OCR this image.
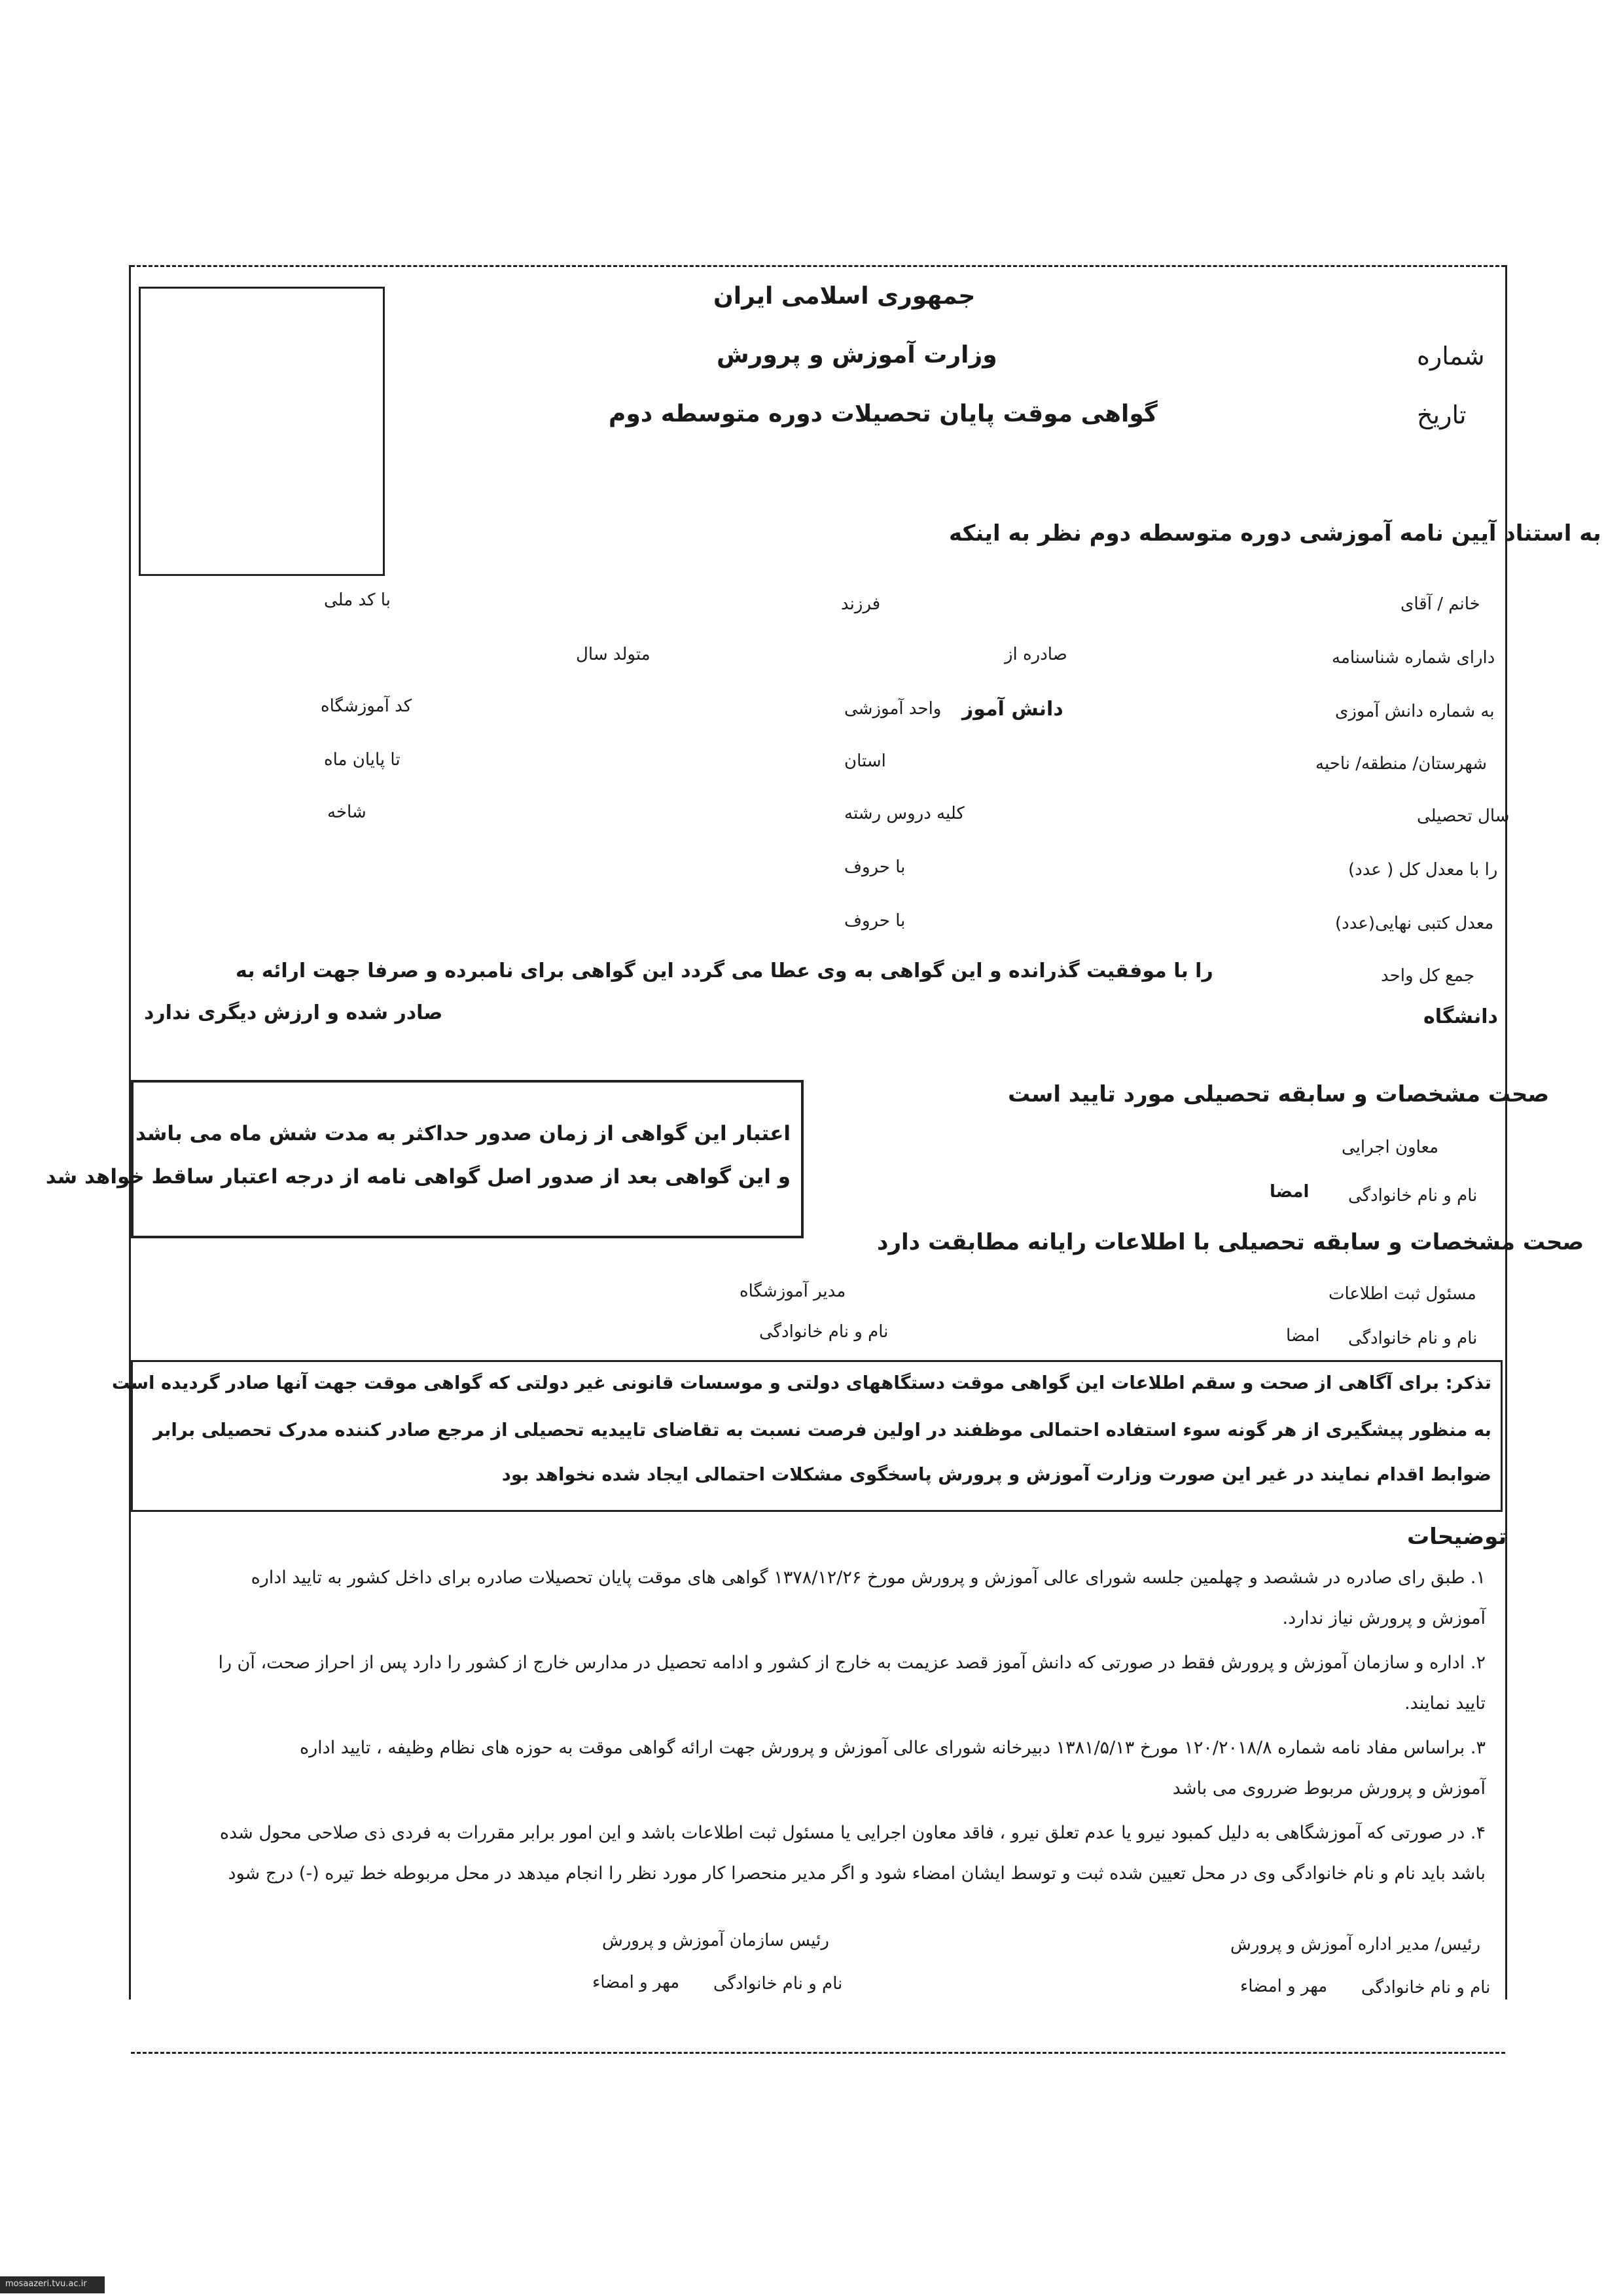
جمهوری اسلامی ایران
وزارت آموزش و پرورش
گواهی موقت پایان تحصیلات دوره متوسطه دوم
شماره
تاریخ
به استناد آیین نامه آموزشی دوره متوسطه دوم نظر به اینکه
خانم / آقای
فرزند
با کد ملی
دارای شماره شناسنامه
صادره از
متولد سال
به شماره دانش آموزی
دانش آموز
واحد آموزشی
کد آموزشگاه
شهرستان/ منطقه/ ناحیه
استان
تا پایان ماه
سال تحصیلی
کلیه دروس رشته
شاخه
را با معدل کل ( عدد)
با حروف
معدل کتبی نهایی(عدد)
با حروف
جمع کل واحد
را با موفقیت گذرانده و این گواهی به وی عطا می گردد این گواهی برای نامبرده و صرفا جهت ارائه به
دانشگاه
صادر شده و ارزش دیگری ندارد
اعتبار این گواهی از زمان صدور حداکثر به مدت شش ماه می باشد
و این گواهی بعد از صدور اصل گواهی نامه از درجه اعتبار ساقط خواهد شد
صحت مشخصات و سابقه تحصیلی مورد تایید است
معاون اجرایی
نام و نام خانوادگی
امضا
صحت مشخصات و سابقه تحصیلی با اطلاعات رایانه مطابقت دارد
مسئول ثبت اطلاعات
مدیر آموزشگاه
نام و نام خانوادگی
امضا
نام و نام خانوادگی
تذکر: برای آگاهی از صحت و سقم اطلاعات این گواهی موقت دستگاههای دولتی و موسسات قانونی غیر دولتی که گواهی موقت جهت آنها صادر گردیده است
به منظور پیشگیری از هر گونه سوء استفاده احتمالی موظفند در اولین فرصت نسبت به تقاضای تاییدیه تحصیلی از مرجع صادر کننده مدرک تحصیلی برابر
ضوابط اقدام نمایند در غیر این صورت وزارت آموزش و پرورش پاسخگوی مشکلات احتمالی ایجاد شده نخواهد بود
توضیحات
۱. طبق رای صادره در ششصد و چهلمین جلسه شورای عالی آموزش و پرورش مورخ ۱۳۷۸/۱۲/۲۶ گواهی های موقت پایان تحصیلات صادره برای داخل کشور به تایید اداره
آموزش و پرورش نیاز ندارد.
۲. اداره و سازمان آموزش و پرورش فقط در صورتی که دانش آموز قصد عزیمت به خارج از کشور و ادامه تحصیل در مدارس خارج از کشور را دارد پس از احراز صحت، آن را
تایید نمایند.
۳. براساس مفاد نامه شماره ۱۲۰/۲۰۱۸/۸ مورخ ۱۳۸۱/۵/۱۳ دبیرخانه شورای عالی آموزش و پرورش جهت ارائه گواهی موقت به حوزه های نظام وظیفه ، تایید اداره
آموزش و پرورش مربوط ضرروی می باشد
۴. در صورتی که آموزشگاهی به دلیل کمبود نیرو یا عدم تعلق نیرو ، فاقد معاون اجرایی یا مسئول ثبت اطلاعات باشد و این امور برابر مقررات به فردی ذی صلاحی محول شده
باشد باید نام و نام خانوادگی وی در محل تعیین شده ثبت و توسط ایشان امضاء شود و اگر مدیر منحصرا کار مورد نظر را انجام میدهد در محل مربوطه خط تیره (-) درج شود
رئیس/ مدیر اداره آموزش و پرورش
نام و نام خانوادگی
مهر و امضاء
رئیس سازمان آموزش و پرورش
نام و نام خانوادگی
مهر و امضاء
mosaazeri.tvu.ac.ir
